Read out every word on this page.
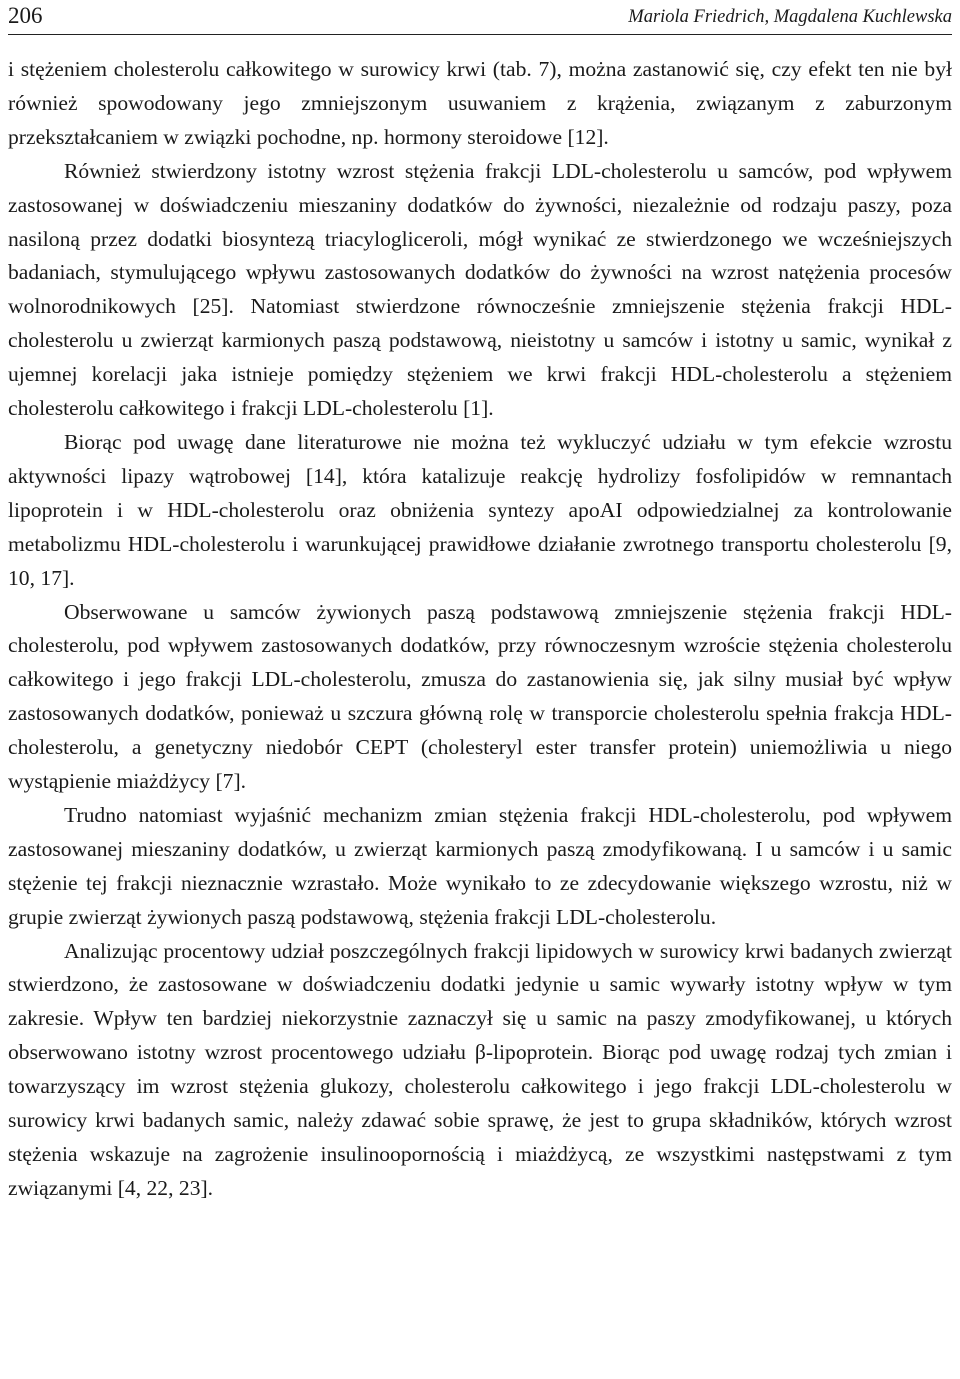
206	Mariola Friedrich, Magdalena Kuchlewska

i stężeniem cholesterolu całkowitego w surowicy krwi (tab. 7), można zastanowić się, czy efekt ten nie był również spowodowany jego zmniejszonym usuwaniem z krążenia, związanym z zaburzonym przekształcaniem w związki pochodne, np. hormony sterоidowe [12].

Również stwierdzony istotny wzrost stężenia frakcji LDL-cholesterolu u samców, pod wpływem zastosowanej w doświadczeniu mieszaniny dodatków do żywności, niezależnie od rodzaju paszy, poza nasiloną przez dodatki biosyntezą triacylogliceroli, mógł wynikać ze stwierdzonego we wcześniejszych badaniach, stymulującego wpływu zastosowanych dodatków do żywności na wzrost natężenia procesów wolnorodnikowych [25]. Natomiast stwierdzone równocześnie zmniejszenie stężenia frakcji HDL-cholesterolu u zwierząt karmionych paszą podstawową, nieistotny u samców i istotny u samic, wynikał z ujemnej korelacji jaka istnieje pomiędzy stężeniem we krwi frakcji HDL-cholesterolu a stężeniem cholesterolu całkowitego i frakcji LDL-cholesterolu [1].

Biorąc pod uwagę dane literaturowe nie można też wykluczyć udziału w tym efekcie wzrostu aktywności lipazy wątrobowej [14], która katalizuje reakcję hydrolizy fosfolipidów w remnantach lipoprotein i w HDL-cholesterolu oraz obniżenia syntezy apoAI odpowiedzialnej za kontrolowanie metabolizmu HDL-cholesterolu i warunkującej prawidłowe działanie zwrotnego transportu cholesterolu [9, 10, 17].

Obserwowane u samców żywionych paszą podstawową zmniejszenie stężenia frakcji HDL-cholesterolu, pod wpływem zastosowanych dodatków, przy równoczesnym wzroście stężenia cholesterolu całkowitego i jego frakcji LDL-cholesterolu, zmusza do zastanowienia się, jak silny musiał być wpływ zastosowanych dodatków, ponieważ u szczura główną rolę w transporcie cholesterolu spełnia frakcja HDL-cholesterolu, a genetyczny niedobór CEPT (cholesteryl ester transfer protein) uniemożliwia u niego wystąpienie miażdżycy [7].

Trudno natomiast wyjaśnić mechanizm zmian stężenia frakcji HDL-cholesterolu, pod wpływem zastosowanej mieszaniny dodatków, u zwierząt karmionych paszą zmodyfikowaną. I u samców i u samic stężenie tej frakcji nieznacznie wzrastało. Może wynikało to ze zdecydowanie większego wzrostu, niż w grupie zwierząt żywionych paszą podstawową, stężenia frakcji LDL-cholesterolu.

Analizując procentowy udział poszczególnych frakcji lipidowych w surowicy krwi badanych zwierząt stwierdzono, że zastosowane w doświadczeniu dodatki jedynie u samic wywarły istotny wpływ w tym zakresie. Wpływ ten bardziej niekorzystnie zaznaczył się u samic na paszy zmodyfikowanej, u których obserwowano istotny wzrost procentowego udziału β-lipoprotein. Biorąc pod uwagę rodzaj tych zmian i towarzyszący im wzrost stężenia glukozy, cholesterolu całkowitego i jego frakcji LDL-cholesterolu w surowicy krwi badanych samic, należy zdawać sobie sprawę, że jest to grupa składników, których wzrost stężenia wskazuje na zagrożenie insulinoopornością i miażdżycą, ze wszystkimi następstwami z tym związanymi [4, 22, 23].
